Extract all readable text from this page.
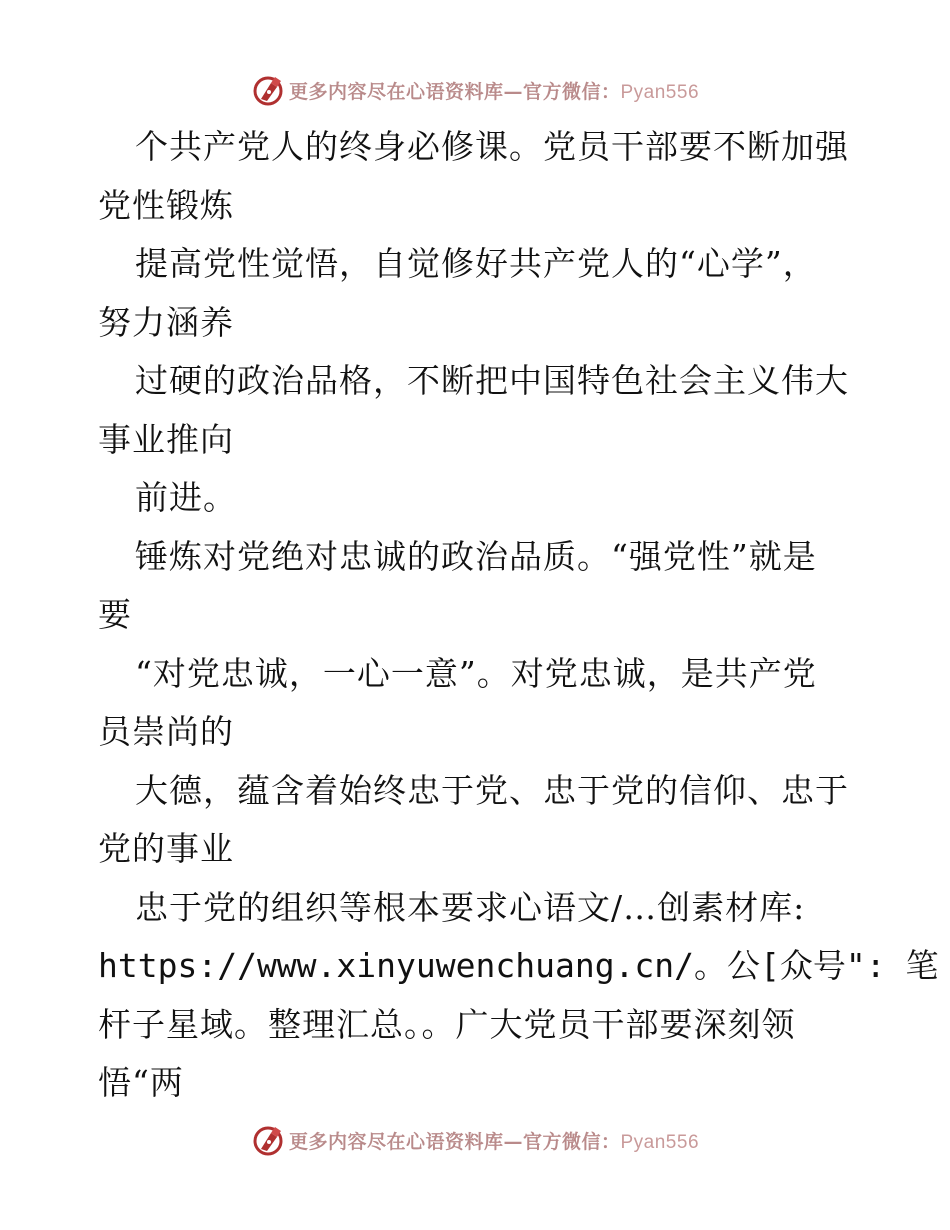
更多内容尽在心语资料库—官方微信：Pyan556
个共产党人的终身必修课。党员干部要不断加强
党性锻炼
提高党性觉悟，自觉修好共产党人的“心学”，
努力涵养
过硬的政治品格，不断把中国特色社会主义伟大
事业推向
前进。
锤炼对党绝对忠诚的政治品质。“强党性”就是
要
“对党忠诚，一心一意”。对党忠诚，是共产党
员崇尚的
大德，蕴含着始终忠于党、忠于党的信仰、忠于
党的事业
忠于党的组织等根本要求心语文/…创素材库:
https://www.xinyuwenchuang.cn/。公[众号": 笔
杆子星域。整理汇总。。广大党员干部要深刻领
悟“两
更多内容尽在心语资料库—官方微信：Pyan556
